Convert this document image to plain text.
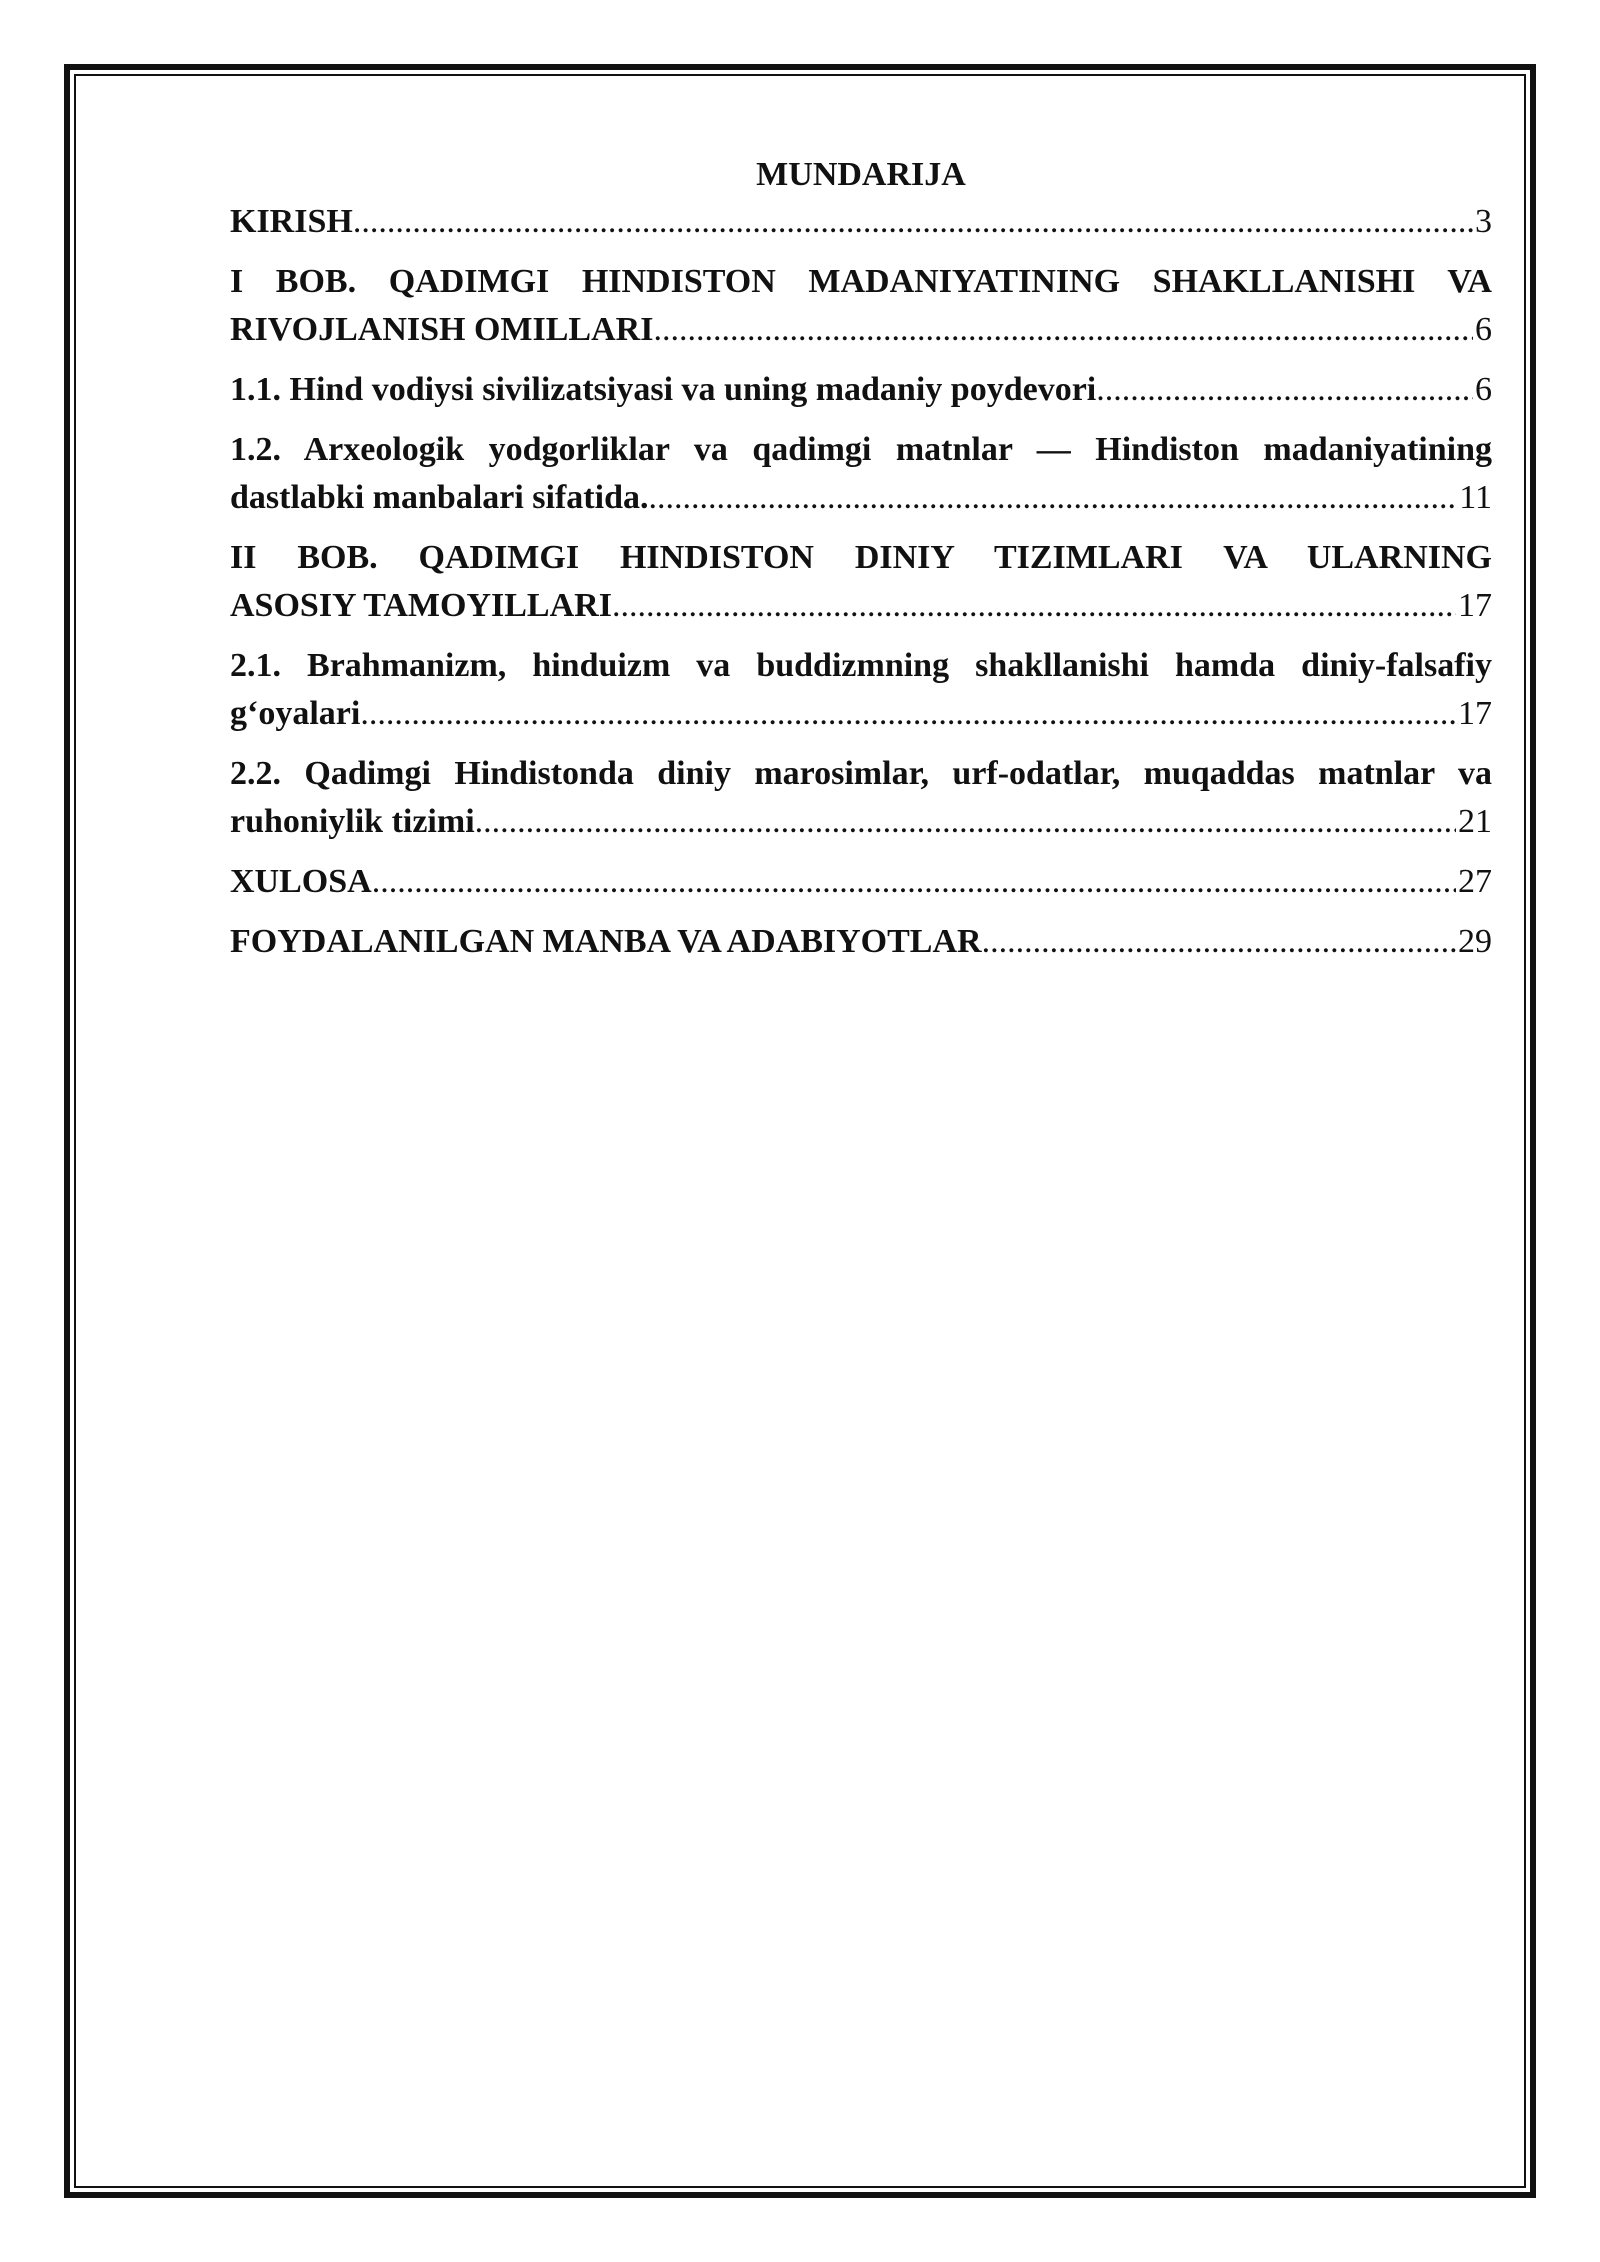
MUNDARIJA
KIRISH .....	3
I BOB. QADIMGI HINDISTON MADANIYATINING SHAKLLANISHI VA
RIVOJLANISH OMILLARI .....	6
1.1. Hind vodiysi sivilizatsiyasi va uning madaniy poydevori .....	6
1.2. Arxeologik yodgorliklar va qadimgi matnlar — Hindiston madaniyatining
dastlabki manbalari sifatida. .....	11
II BOB. QADIMGI HINDISTON DINIY TIZIMLARI VA ULARNING
ASOSIY TAMOYILLARI .....	17
2.1. Brahmanizm, hinduizm va buddizmning shakllanishi hamda diniy-falsafiy
g‘oyalari .....	17
2.2. Qadimgi Hindistonda diniy marosimlar, urf-odatlar, muqaddas matnlar va
ruhoniylik tizimi .....	21
XULOSA .....	27
FOYDALANILGAN MANBA VA ADABIYOTLAR .....	29
